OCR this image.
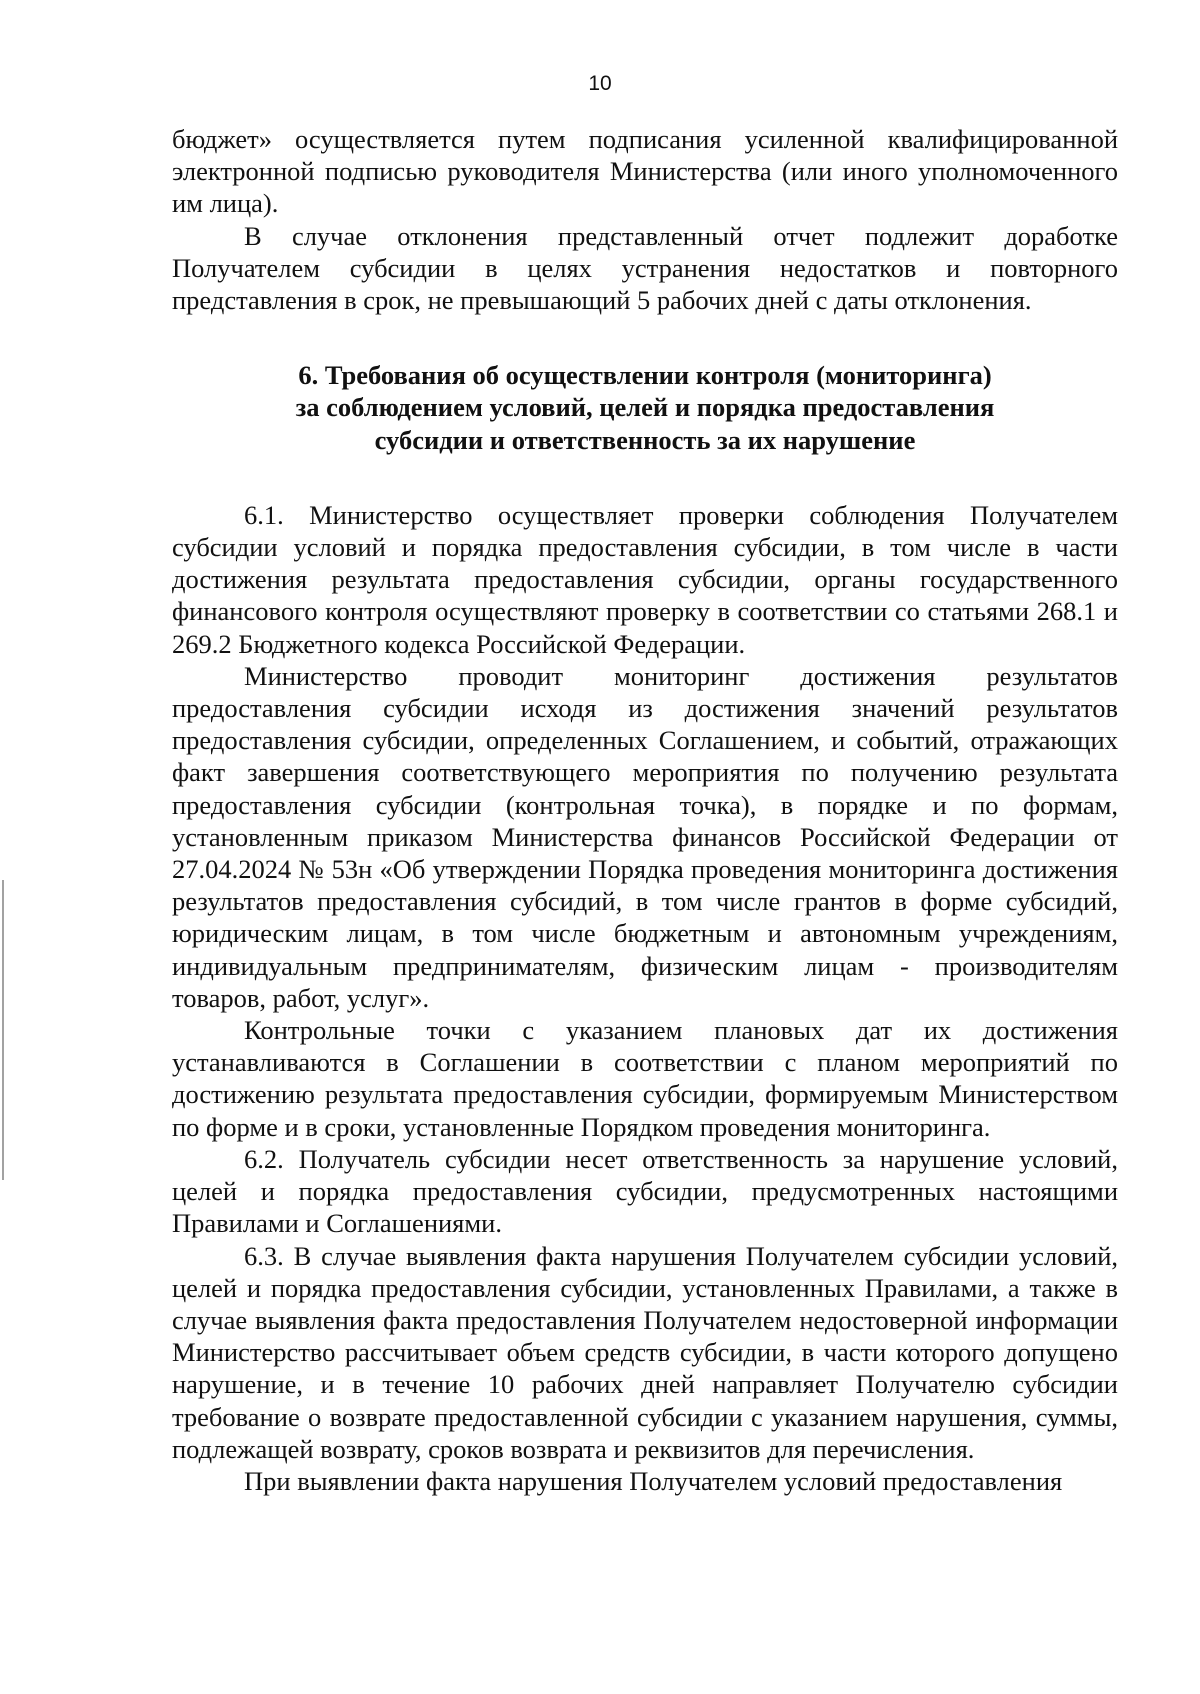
10

бюджет» осуществляется путем подписания усиленной квалифицированной электронной подписью руководителя Министерства (или иного уполномоченного им лица).

В случае отклонения представленный отчет подлежит доработке Получателем субсидии в целях устранения недостатков и повторного представления в срок, не превышающий 5 рабочих дней с даты отклонения.

6. Требования об осуществлении контроля (мониторинга)
за соблюдением условий, целей и порядка предоставления
субсидии и ответственность за их нарушение

6.1. Министерство осуществляет проверки соблюдения Получателем субсидии условий и порядка предоставления субсидии, в том числе в части достижения результата предоставления субсидии, органы государственного финансового контроля осуществляют проверку в соответствии со статьями 268.1 и 269.2 Бюджетного кодекса Российской Федерации.

Министерство проводит мониторинг достижения результатов предоставления субсидии исходя из достижения значений результатов предоставления субсидии, определенных Соглашением, и событий, отражающих факт завершения соответствующего мероприятия по получению результата предоставления субсидии (контрольная точка), в порядке и по формам, установленным приказом Министерства финансов Российской Федерации от 27.04.2024 № 53н «Об утверждении Порядка проведения мониторинга достижения результатов предоставления субсидий, в том числе грантов в форме субсидий, юридическим лицам, в том числе бюджетным и автономным учреждениям, индивидуальным предпринимателям, физическим лицам - производителям товаров, работ, услуг».

Контрольные точки с указанием плановых дат их достижения устанавливаются в Соглашении в соответствии с планом мероприятий по достижению результата предоставления субсидии, формируемым Министерством по форме и в сроки, установленные Порядком проведения мониторинга.

6.2. Получатель субсидии несет ответственность за нарушение условий, целей и порядка предоставления субсидии, предусмотренных настоящими Правилами и Соглашениями.

6.3. В случае выявления факта нарушения Получателем субсидии условий, целей и порядка предоставления субсидии, установленных Правилами, а также в случае выявления факта предоставления Получателем недостоверной информации Министерство рассчитывает объем средств субсидии, в части которого допущено нарушение, и в течение 10 рабочих дней направляет Получателю субсидии требование о возврате предоставленной субсидии с указанием нарушения, суммы, подлежащей возврату, сроков возврата и реквизитов для перечисления.

При выявлении факта нарушения Получателем условий предоставления
